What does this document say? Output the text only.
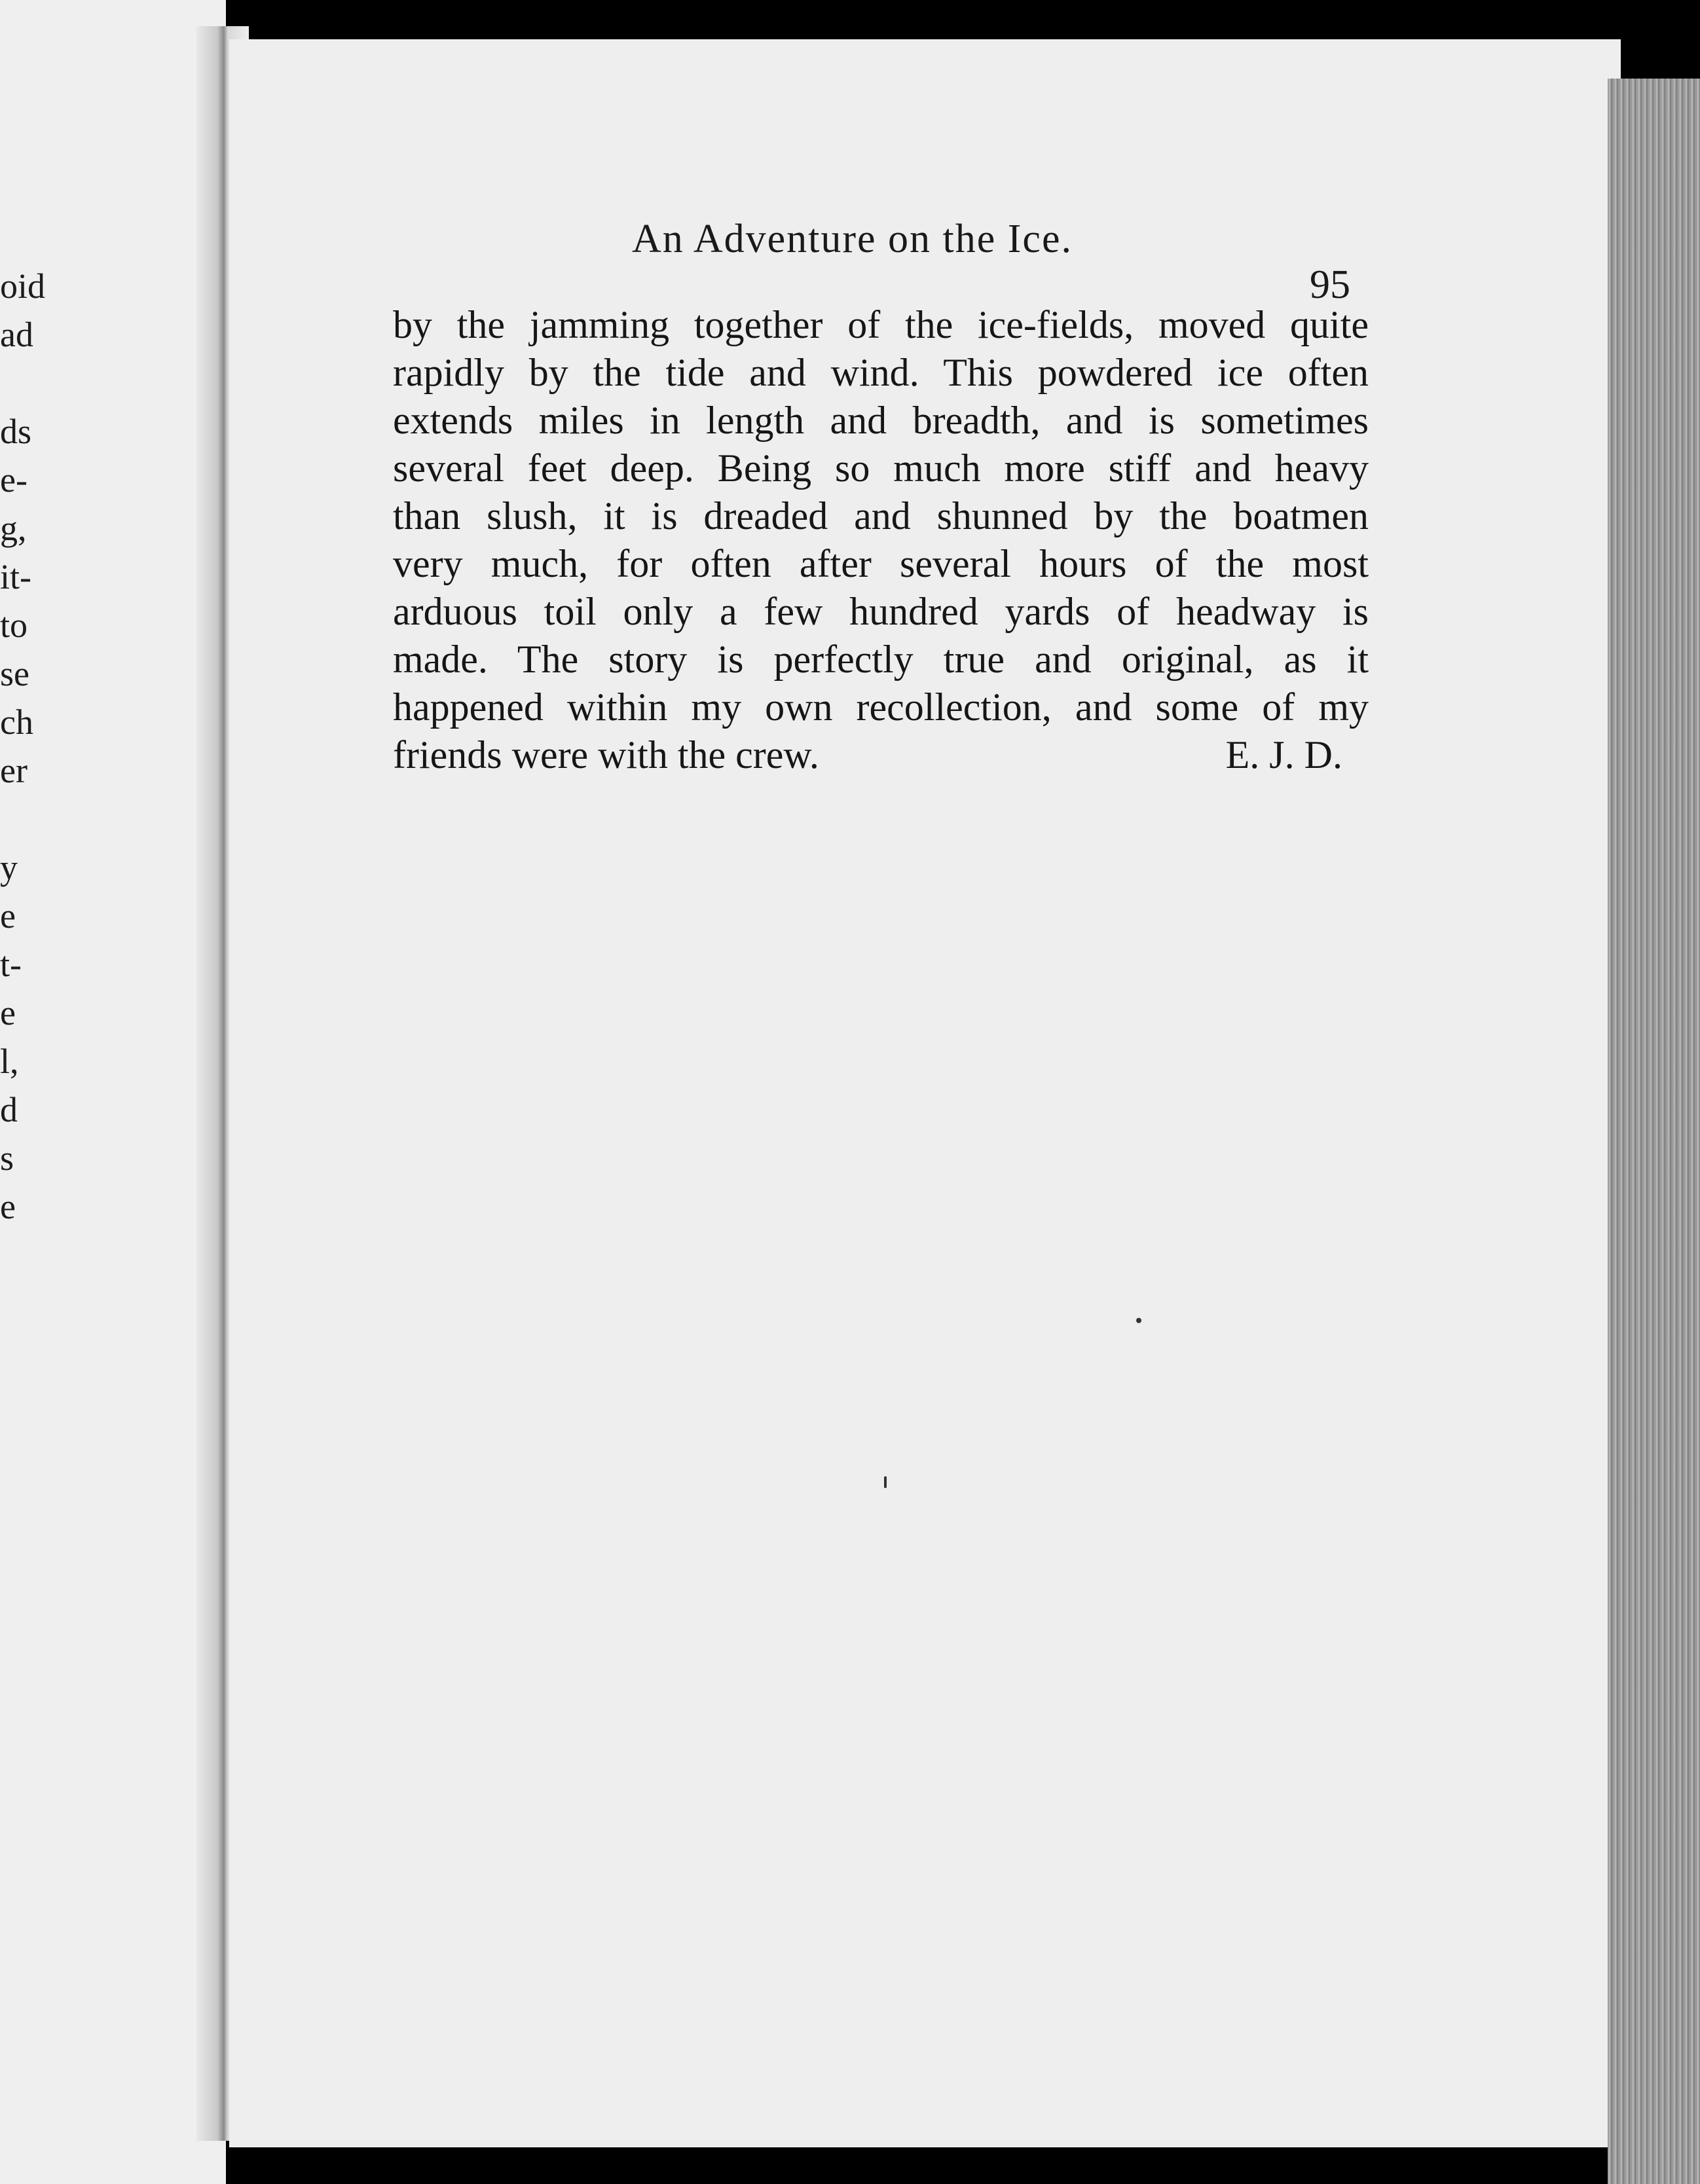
oid
ad
ds
e-
g,
it-
to
se
ch
er
y
e
t-
e
l,
d
s
e
An Adventure on the Ice.
95
by the jamming together of the ice-fields, moved quite
rapidly by the tide and wind. This powdered ice often
extends miles in length and breadth, and is sometimes
several feet deep. Being so much more stiff and heavy
than slush, it is dreaded and shunned by the boatmen
very much, for often after several hours of the most
arduous toil only a few hundred yards of headway is
made. The story is perfectly true and original, as it
happened within my own recollection, and some of my
friends were with the crew.	E. J. D.
